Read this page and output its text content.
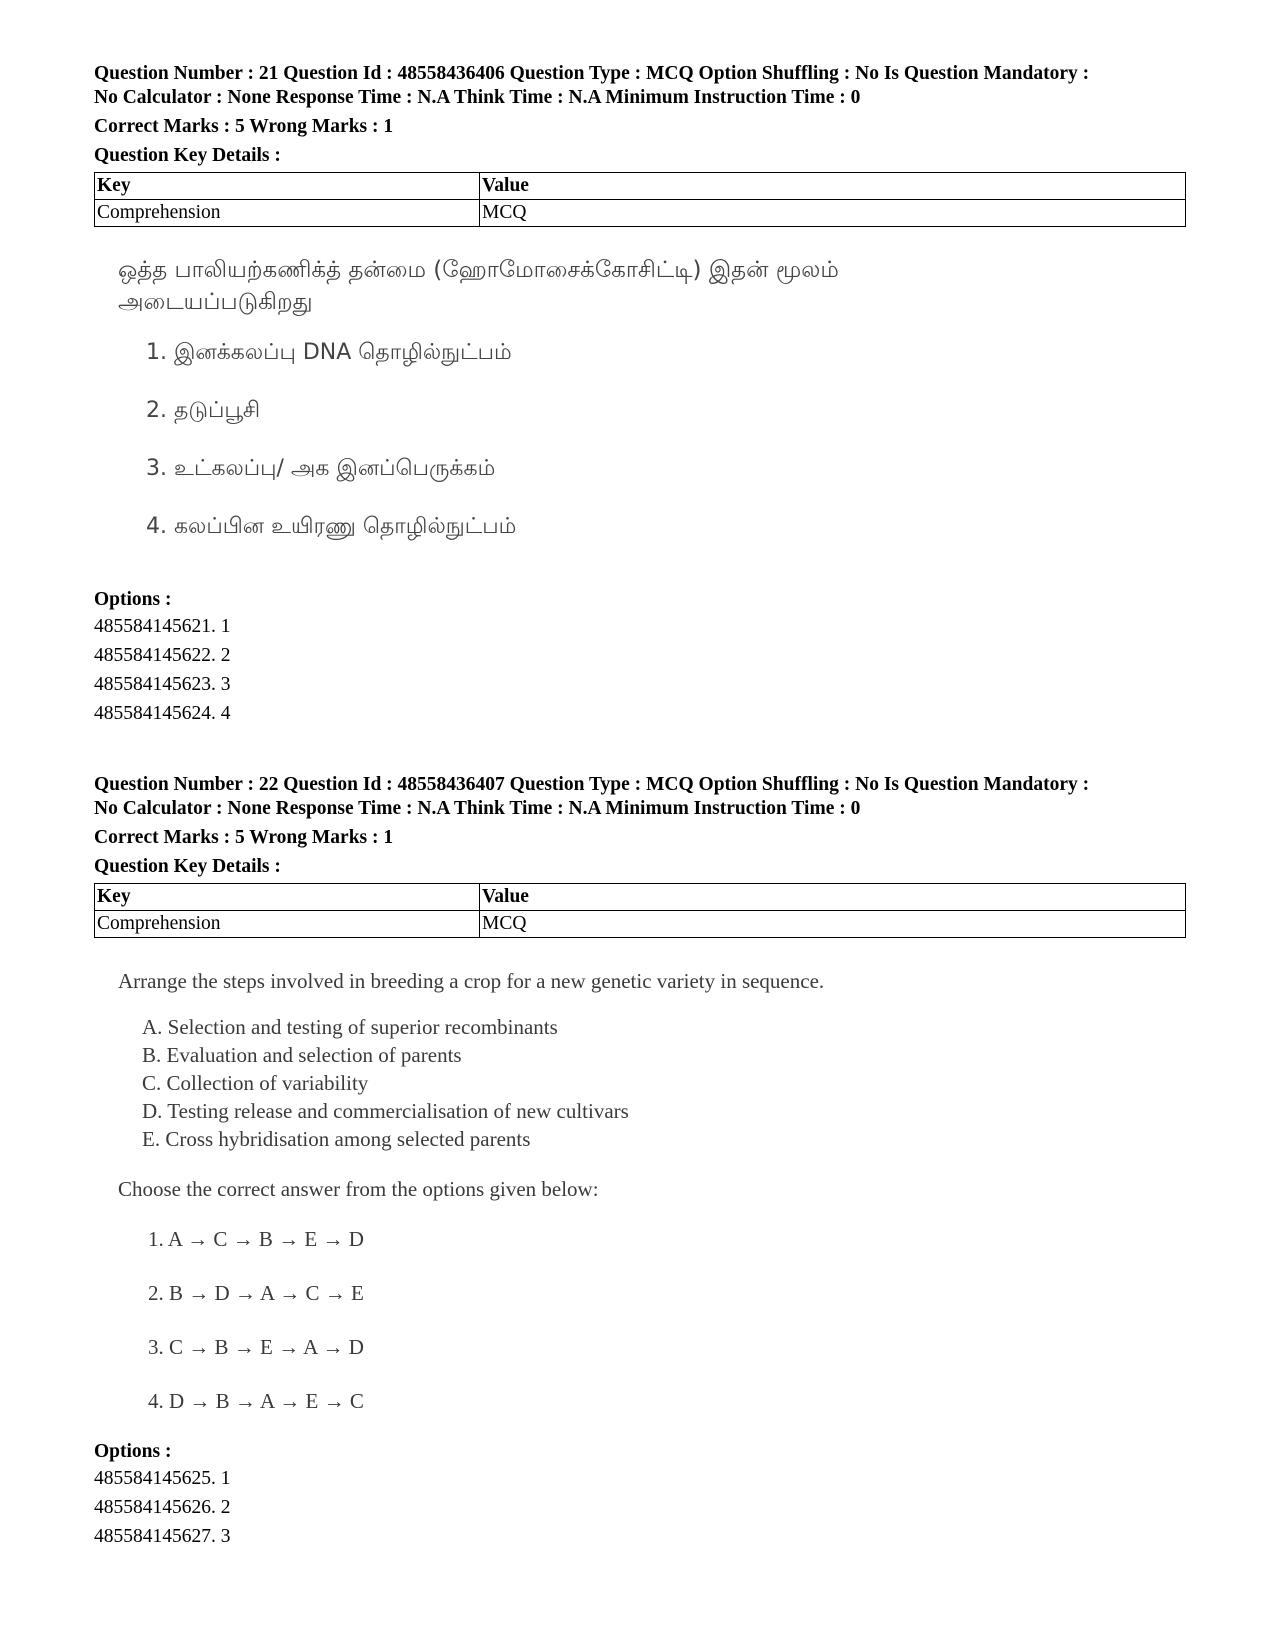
Question Number : 21 Question Id : 48558436406 Question Type : MCQ Option Shuffling : No Is Question Mandatory :
No Calculator : None Response Time : N.A Think Time : N.A Minimum Instruction Time : 0
Correct Marks : 5 Wrong Marks : 1
Question Key Details :
Key	Value
Comprehension	MCQ
ஒத்த பாலியற்கணிக்த் தன்மை (ஹோமோசைக்கோசிட்டி) இதன் மூலம்
அடையப்படுகிறது
1. இனக்கலப்பு DNA தொழில்நுட்பம்
2. தடுப்பூசி
3. உட்கலப்பு/ அக இனப்பெருக்கம்
4. கலப்பின உயிரணு தொழில்நுட்பம்
Options :
485584145621. 1
485584145622. 2
485584145623. 3
485584145624. 4
Question Number : 22 Question Id : 48558436407 Question Type : MCQ Option Shuffling : No Is Question Mandatory :
No Calculator : None Response Time : N.A Think Time : N.A Minimum Instruction Time : 0
Correct Marks : 5 Wrong Marks : 1
Question Key Details :
Key	Value
Comprehension	MCQ
Arrange the steps involved in breeding a crop for a new genetic variety in sequence.
A. Selection and testing of superior recombinants
B. Evaluation and selection of parents
C. Collection of variability
D. Testing release and commercialisation of new cultivars
E. Cross hybridisation among selected parents
Choose the correct answer from the options given below:
1. A → C → B → E → D
2. B → D → A → C → E
3. C → B → E → A → D
4. D → B → A → E → C
Options :
485584145625. 1
485584145626. 2
485584145627. 3
